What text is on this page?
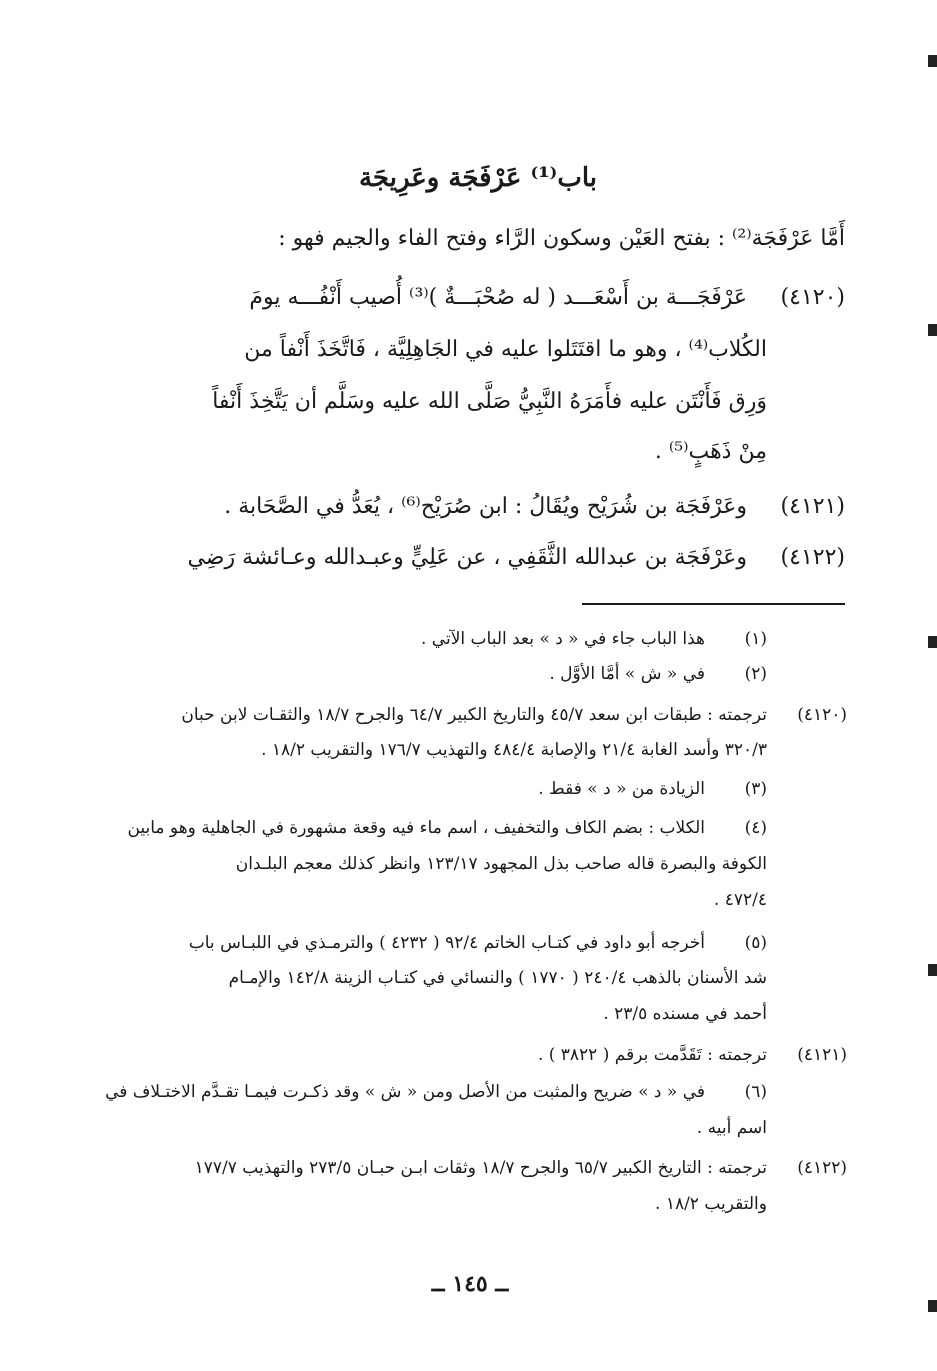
باب⁽¹⁾ عَرْفَجَة وعَرِيجَة
أَمَّا عَرْفَجَة⁽²⁾ : بفتح العَيْن وسكون الرَّاء وفتح الفاء والجيم فهو :
(٤١٢٠)
عَرْفَجَـــة بن أَسْعَـــد ( له صُحْبَـــةٌ )⁽³⁾ أُصيب أَنْفُـــه يومَ
الكُلاب⁽⁴⁾ ، وهو ما اقتَتَلوا عليه في الجَاهِلِيَّة ، فَاتَّخَذَ أَنْفاً من
وَرِق فَأَنْتَن عليه فأَمَرَهُ النَّبِيُّ صَلَّى الله عليه وسَلَّم أن يَتَّخِذَ أَنْفاً
مِنْ ذَهَبٍ⁽⁵⁾ .
(٤١٢١)
وعَرْفَجَة بن شُرَيْح ويُقَالُ : ابن صُرَيْح⁽⁶⁾ ، يُعَدُّ في الصَّحَابة .
(٤١٢٢)
وعَرْفَجَة بن عبدالله الثَّقَفِي ، عن عَلِيٍّ وعبـدالله وعـائشة رَضِي
(١)
هذا الباب جاء في « د » بعد الباب الآتي .
(٢)
في « ش » أمَّا الأوَّل .
(٤١٢٠)
ترجمته : طبقات ابن سعد ٤٥/٧ والتاريخ الكبير ٦٤/٧ والجرح ١٨/٧ والثقـات لابن حبان
٣٢٠/٣ وأسد الغابة ٢١/٤ والإصابة ٤٨٤/٤ والتهذيب ١٧٦/٧ والتقريب ١٨/٢ .
(٣)
الزيادة من « د » فقط .
(٤)
الكلاب : بضم الكاف والتخفيف ، اسم ماء فيه وقعة مشهورة في الجاهلية وهو مابين
الكوفة والبصرة قاله صاحب بذل المجهود ١٢٣/١٧ وانظر كذلك معجم البلـدان
٤٧٢/٤ .
(٥)
أخرجه أبو داود في كتـاب الخاتم ٩٢/٤ ( ٤٢٣٢ ) والترمـذي في اللبـاس باب
شد الأسنان بالذهب ٢٤٠/٤ ( ١٧٧٠ ) والنسائي في كتـاب الزينة ١٤٢/٨ والإمـام
أحمد في مسنده ٢٣/٥ .
(٤١٢١)
ترجمته : تَقَدَّمت برقم ( ٣٨٢٢ ) .
(٦)
في « د » ضريح والمثبت من الأصل ومن « ش » وقد ذكـرت فيمـا تقـدَّم الاختـلاف في
اسم أبيه .
(٤١٢٢)
ترجمته : التاريخ الكبير ٦٥/٧ والجرح ١٨/٧ وثقات ابـن حبـان ٢٧٣/٥ والتهذيب ١٧٧/٧
والتقريب ١٨/٢ .
ــ ١٤٥ ــ
